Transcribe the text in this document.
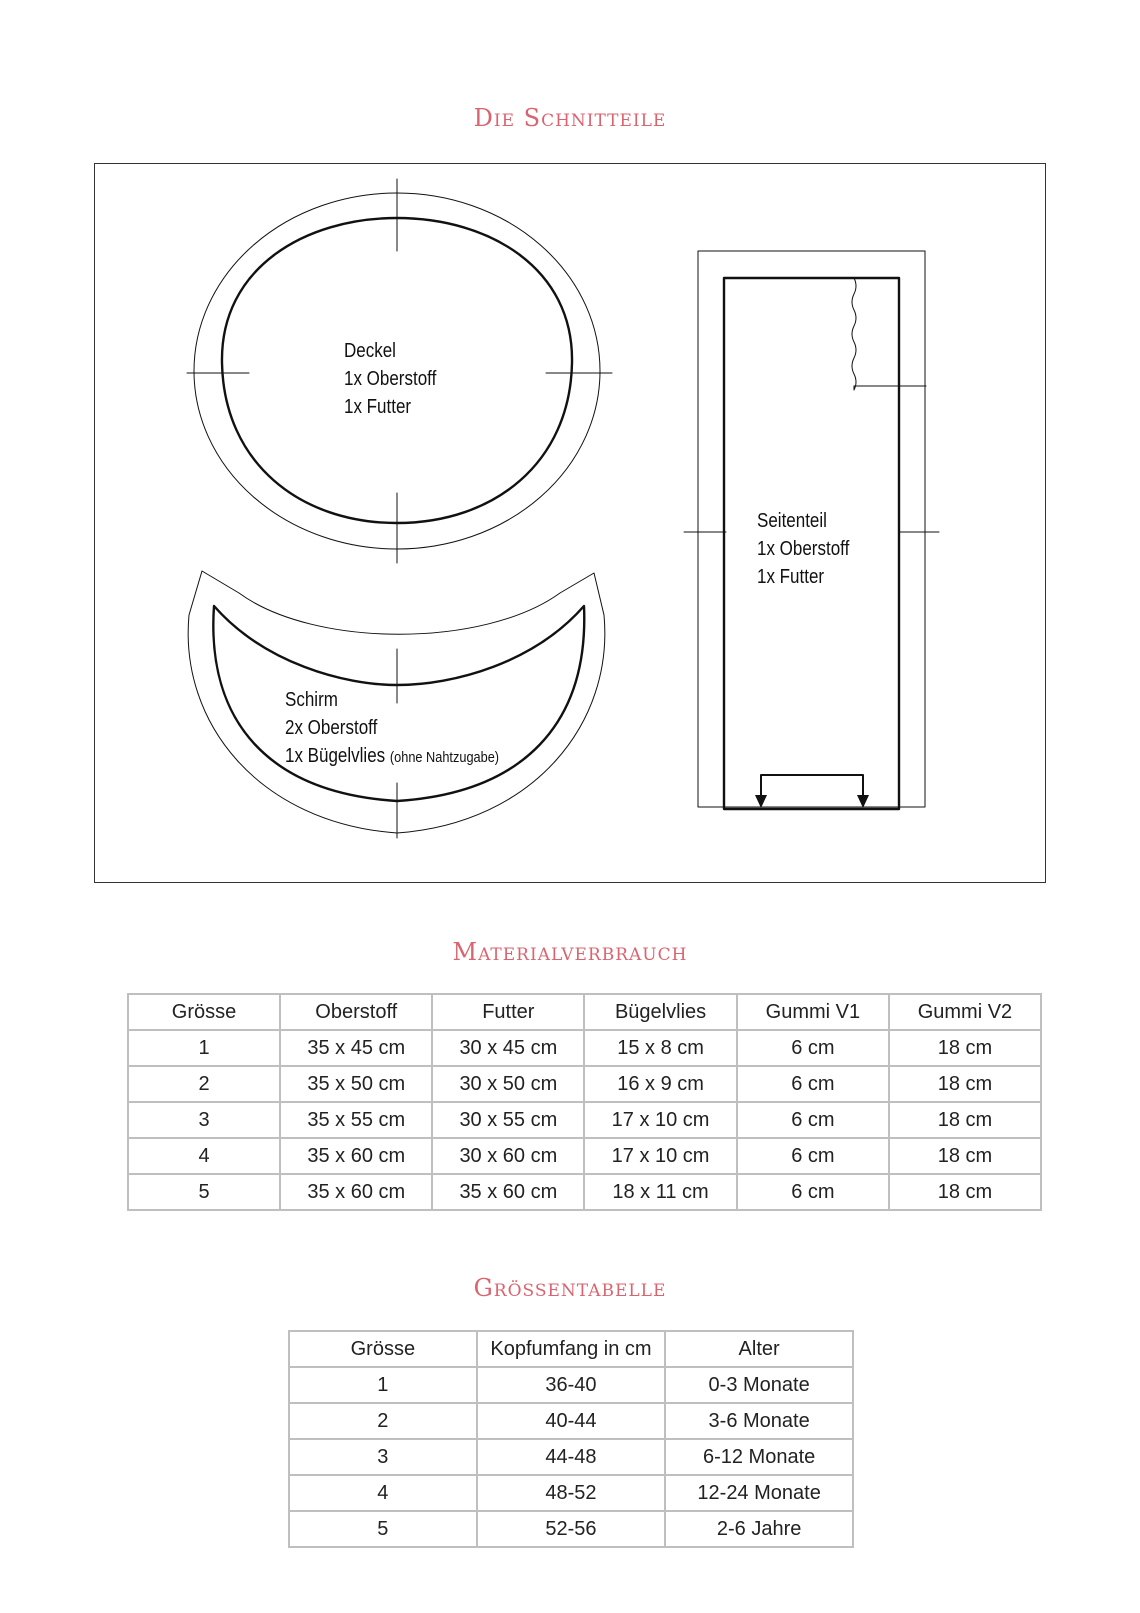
Die Schnitteile
Deckel
1x Oberstoff
1x Futter
Seitenteil
1x Oberstoff
1x Futter
Schirm
2x Oberstoff
1x Bügelvlies (ohne Nahtzugabe)
Materialverbrauch
Grösse	Oberstoff	Futter	Bügelvlies	Gummi V1	Gummi V2
1	35 x 45 cm	30 x 45 cm	15 x 8 cm	6 cm	18 cm
2	35 x 50 cm	30 x 50 cm	16 x 9 cm	6 cm	18 cm
3	35 x 55 cm	30 x 55 cm	17 x 10 cm	6 cm	18 cm
4	35 x 60 cm	30 x 60 cm	17 x 10 cm	6 cm	18 cm
5	35 x 60 cm	35 x 60 cm	18 x 11 cm	6 cm	18 cm
Grössentabelle
Grösse	Kopfumfang in cm	Alter
1	36-40	0-3 Monate
2	40-44	3-6 Monate
3	44-48	6-12 Monate
4	48-52	12-24 Monate
5	52-56	2-6 Jahre
